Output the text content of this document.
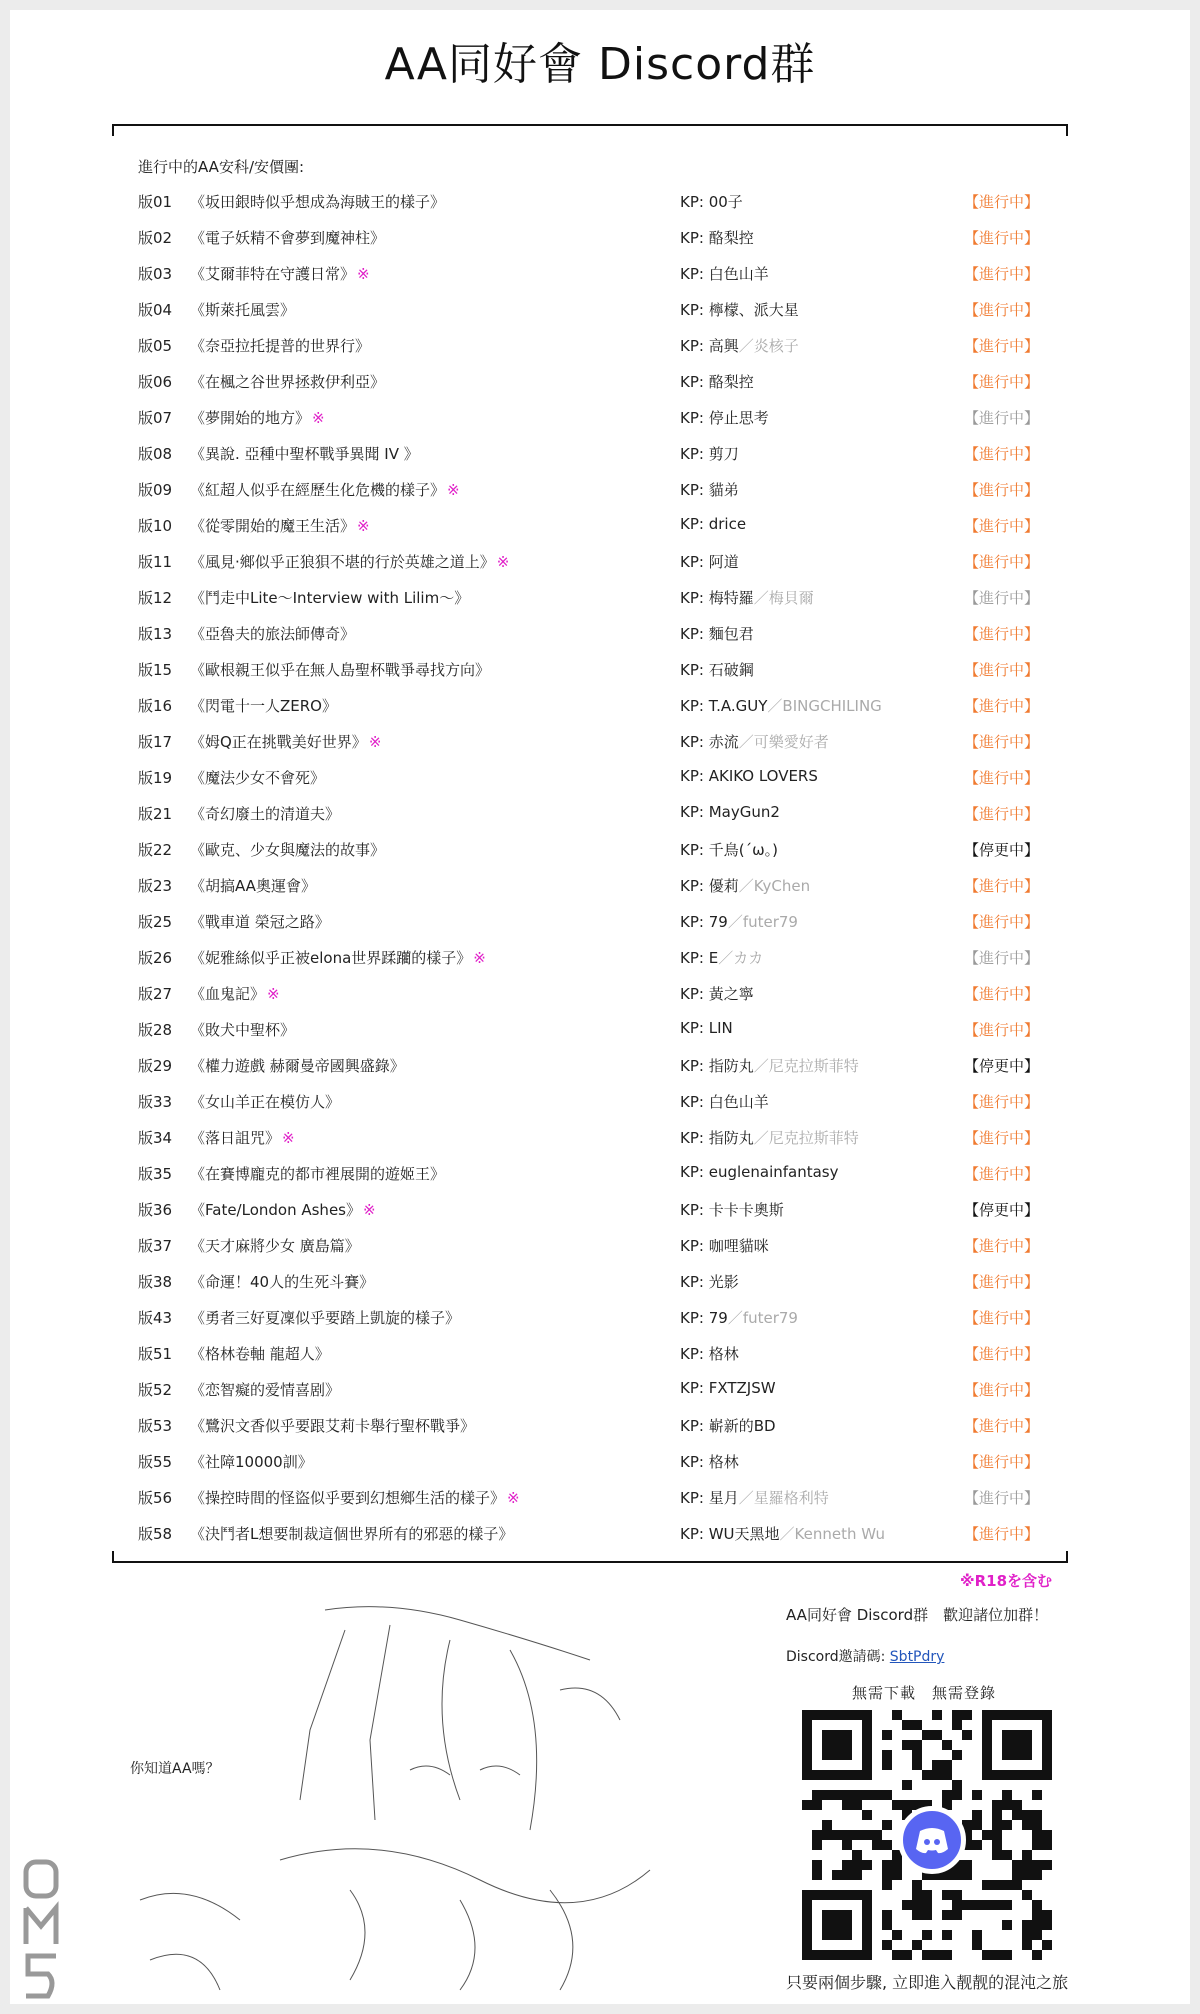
AA同好會 Discord群
進行中的AA安科/安價團:
版01 《坂田銀時似乎想成為海賊王的樣子》	KP: 00子	【進行中】
版02 《電子妖精不會夢到魔神柱》	KP: 酪梨控	【進行中】
版03 《艾爾菲特在守護日常》 ※	KP: 白色山羊	【進行中】
版04 《斯萊托風雲》	KP: 檸檬、派大星	【進行中】
版05 《奈亞拉托提普的世界行》	KP: 高興／炎核子	【進行中】
版06 《在楓之谷世界拯救伊利亞》	KP: 酪梨控	【進行中】
版07 《夢開始的地方》 ※	KP: 停止思考	【進行中】
版08 《異說. 亞種中聖杯戰爭異聞 IV 》	KP: 剪刀	【進行中】
版09 《紅超人似乎在經歷生化危機的樣子》 ※	KP: 貓弟	【進行中】
版10 《從零開始的魔王生活》 ※	KP: drice	【進行中】
版11 《風見‧鄉似乎正狼狽不堪的行於英雄之道上》 ※	KP: 阿道	【進行中】
版12 《鬥走中Lite～Interview with Lilim～》	KP: 梅特羅／梅貝爾	【進行中】
版13 《亞魯夫的旅法師傳奇》	KP: 麵包君	【進行中】
版15 《歐根親王似乎在無人島聖杯戰爭尋找方向》	KP: 石破鋼	【進行中】
版16 《閃電十一人ZERO》	KP: T.A.GUY／BINGCHILING	【進行中】
版17 《姆Q正在挑戰美好世界》 ※	KP: 赤流／可樂愛好者	【進行中】
版19 《魔法少女不會死》	KP: AKIKO LOVERS	【進行中】
版21 《奇幻廢土的清道夫》	KP: MayGun2	【進行中】
版22 《歐克、少女與魔法的故事》	KP: 千鳥(´ω。)	【停更中】
版23 《胡搞AA奧運會》	KP: 優莉／KyChen	【進行中】
版25 《戰車道 榮冠之路》	KP: 79／futer79	【進行中】
版26 《妮雅絲似乎正被elona世界蹂躪的樣子》 ※	KP: E／カカ	【進行中】
版27 《血鬼記》 ※	KP: 黃之寧	【進行中】
版28 《敗犬中聖杯》	KP: LIN	【進行中】
版29 《權力遊戲 赫爾曼帝國興盛錄》	KP: 指防丸／尼克拉斯菲特	【停更中】
版33 《女山羊正在模仿人》	KP: 白色山羊	【進行中】
版34 《落日詛咒》 ※	KP: 指防丸／尼克拉斯菲特	【進行中】
版35 《在賽博龐克的都市裡展開的遊姬王》	KP: euglenainfantasy	【進行中】
版36 《Fate/London Ashes》 ※	KP: 卡卡卡奧斯	【停更中】
版37 《天才麻將少女 廣島篇》	KP: 咖哩貓咪	【進行中】
版38 《命運！40人的生死斗賽》	KP: 光影	【進行中】
版43 《勇者三好夏凜似乎要踏上凱旋的樣子》	KP: 79／futer79	【進行中】
版51 《格林卷軸 龍超人》	KP: 格林	【進行中】
版52 《恋智癡的爱情喜剧》	KP: FXTZJSW	【進行中】
版53 《鷺沢文香似乎要跟艾莉卡舉行聖杯戰爭》	KP: 嶄新的BD	【進行中】
版55 《社障10000訓》	KP: 格林	【進行中】
版56 《操控時間的怪盜似乎要到幻想鄉生活的樣子》 ※	KP: 星月／星羅格利特	【進行中】
版58 《決鬥者L想要制裁這個世界所有的邪惡的樣子》	KP: WU天黑地／Kenneth Wu	【進行中】
※R18を含む
你知道AA嗎？
AA同好會 Discord群　歡迎諸位加群！
Discord邀請碼: SbtPdry
無需下載　無需登錄
只要兩個步驟, 立即進入靓靓的混沌之旅
